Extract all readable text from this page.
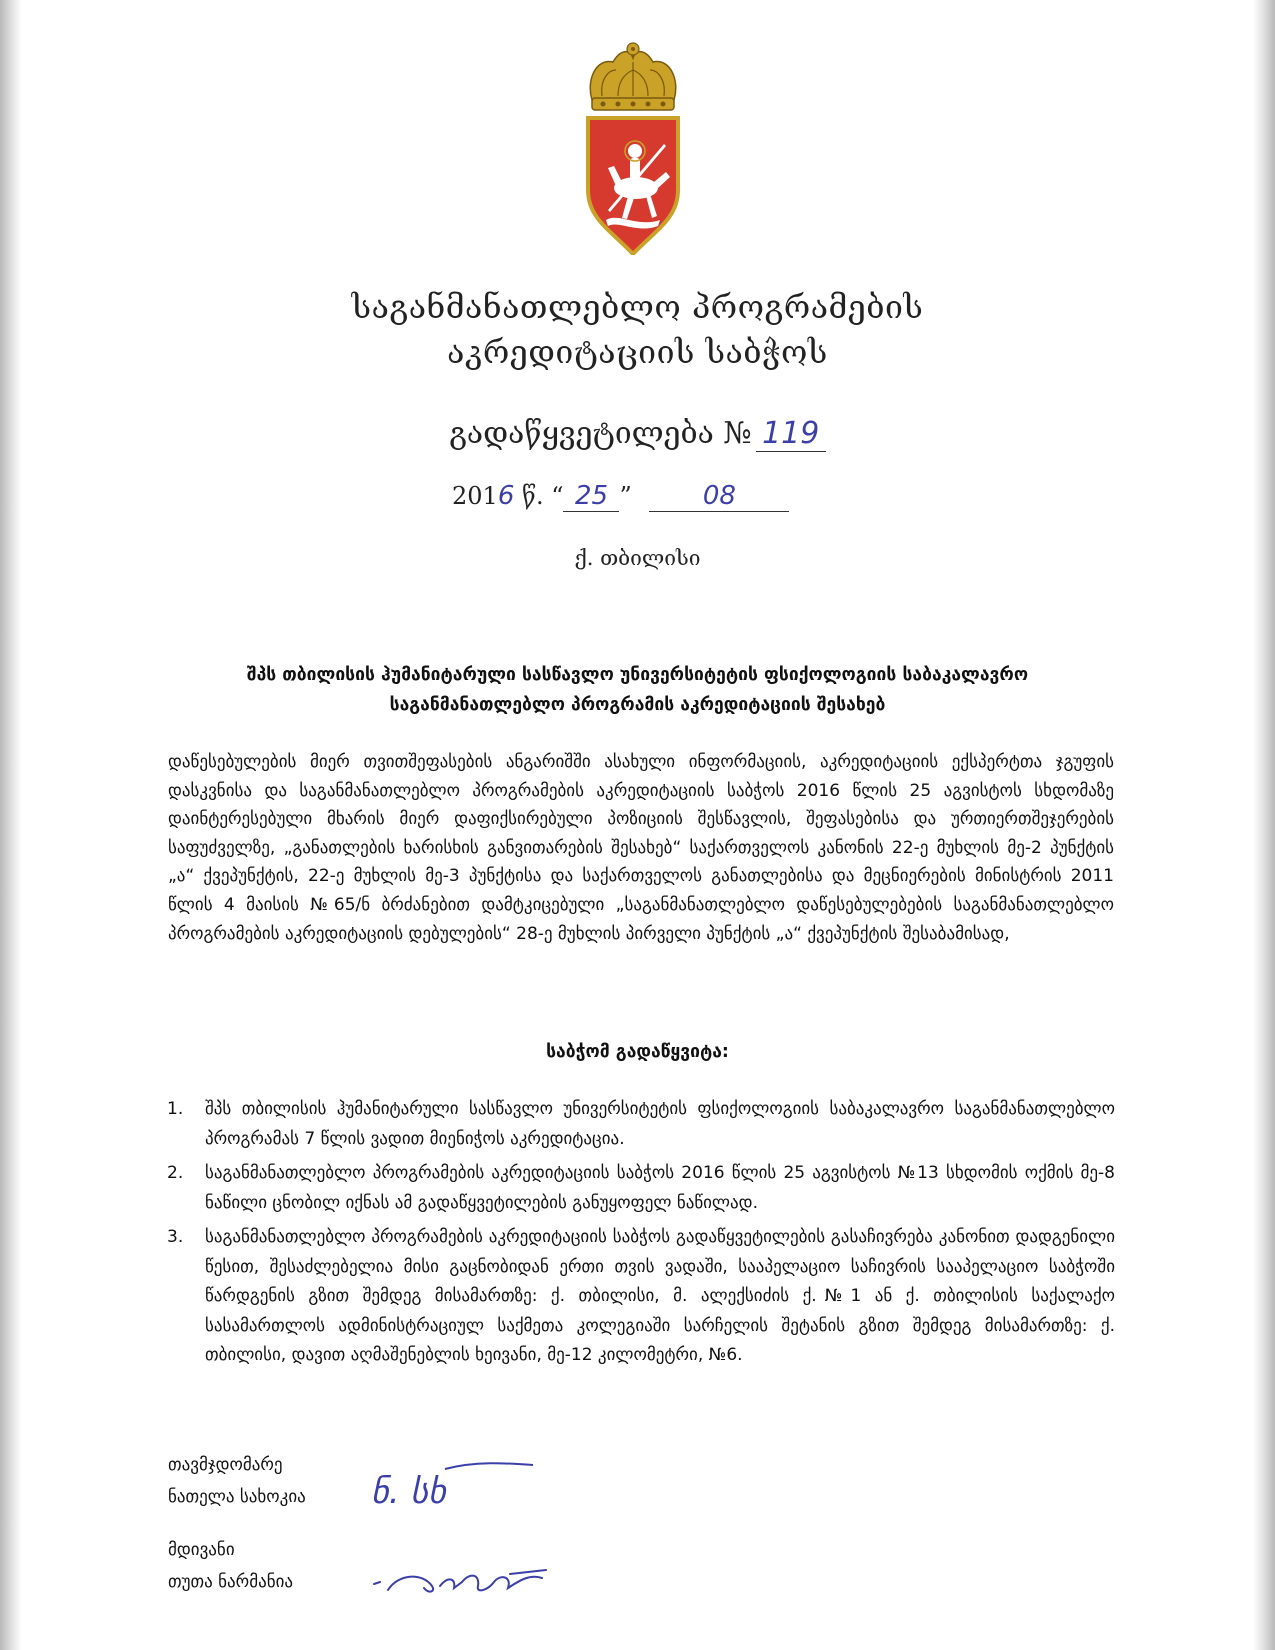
საგანმანათლებლო პროგრამების
აკრედიტაციის საბჭოს
გადაწყვეტილება № 119
2016 წ. “ 25 ”	08
ქ. თბილისი
შპს თბილისის ჰუმანიტარული სასწავლო უნივერსიტეტის ფსიქოლოგიის საბაკალავრო
საგანმანათლებლო პროგრამის აკრედიტაციის შესახებ

დაწესებულების მიერ თვითშეფასების ანგარიშში ასახული ინფორმაციის, აკრედიტაციის ექსპერტთა ჯგუფის დასკვნისა და საგანმანათლებლო პროგრამების აკრედიტაციის საბჭოს 2016 წლის 25 აგვისტოს სხდომაზე დაინტერესებული მხარის მიერ დაფიქსირებული პოზიციის შესწავლის, შეფასებისა და ურთიერთშეჯერების საფუძველზე, „განათლების ხარისხის განვითარების შესახებ“ საქართველოს კანონის 22-ე მუხლის მე-2 პუნქტის „ა“ ქვეპუნქტის, 22-ე მუხლის მე-3 პუნქტისა და საქართველოს განათლებისა და მეცნიერების მინისტრის 2011 წლის 4 მაისის №65/ნ ბრძანებით დამტკიცებული „საგანმანათლებლო დაწესებულებების საგანმანათლებლო პროგრამების აკრედიტაციის დებულების“ 28-ე მუხლის პირველი პუნქტის „ა“ ქვეპუნქტის შესაბამისად,

საბჭომ გადაწყვიტა:
1. შპს თბილისის ჰუმანიტარული სასწავლო უნივერსიტეტის ფსიქოლოგიის საბაკალავრო საგანმანათლებლო პროგრამას 7 წლის ვადით მიენიჭოს აკრედიტაცია.
2. საგანმანათლებლო პროგრამების აკრედიტაციის საბჭოს 2016 წლის 25 აგვისტოს №13 სხდომის ოქმის მე-8 ნაწილი ცნობილ იქნას ამ გადაწყვეტილების განუყოფელ ნაწილად.
3. საგანმანათლებლო პროგრამების აკრედიტაციის საბჭოს გადაწყვეტილების გასაჩივრება კანონით დადგენილი წესით, შესაძლებელია მისი გაცნობიდან ერთი თვის ვადაში, სააპელაციო საჩივრის სააპელაციო საბჭოში წარდგენის გზით შემდეგ მისამართზე: ქ. თბილისი, მ. ალექსიძის ქ.№1 ან ქ. თბილისის საქალაქო სასამართლოს ადმინისტრაციულ საქმეთა კოლეგიაში სარჩელის შეტანის გზით შემდეგ მისამართზე: ქ. თბილისი, დავით აღმაშენებლის ხეივანი, მე-12 კილომეტრი, №6.
თავმჯდომარე
ნათელა სახოკია ნ. სხ
მდივანი
თუთა ნარმანია
